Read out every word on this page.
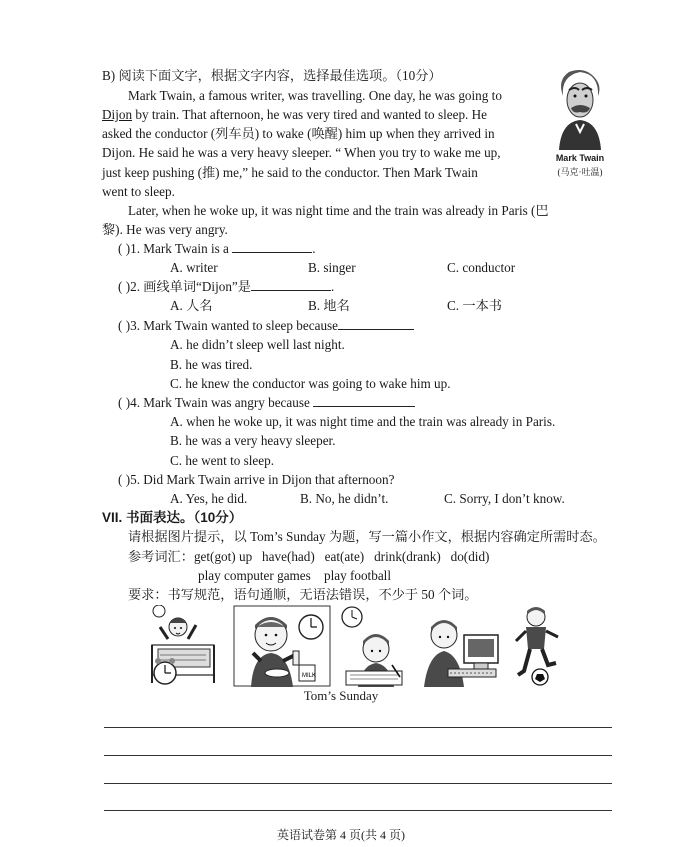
B) 阅读下面文字，根据文字内容，选择最佳选项。（10分）
Mark Twain, a famous writer, was travelling. One day, he was going to
Dijon by train. That afternoon, he was very tired and wanted to sleep. He
asked the conductor (列车员) to wake (唤醒) him up when they arrived in
Dijon. He said he was a very heavy sleeper. “ When you try to wake me up,
just keep pushing (推) me,” he said to the conductor. Then Mark Twain
went to sleep.
Mark Twain
(马克·吐温)
Later, when he woke up, it was night time and the train was already in Paris (巴
黎). He was very angry.
( )1. Mark Twain is a	.
A. writer	B. singer	C. conductor
( )2. 画线单词“Dijon”是	.
A. 人名	B. 地名	C. 一本书
( )3. Mark Twain wanted to sleep because
A. he didn’t sleep well last night.
B. he was tired.
C. he knew the conductor was going to wake him up.
( )4. Mark Twain was angry because
A. when he woke up, it was night time and the train was already in Paris.
B. he was a very heavy sleeper.
C. he went to sleep.
( )5. Did Mark Twain arrive in Dijon that afternoon?
A. Yes, he did.	B. No, he didn’t.	C. Sorry, I don’t know.
VII. 书面表达。（10分）
请根据图片提示，以 Tom’s Sunday 为题，写一篇小作文，根据内容确定所需时态。
参考词汇：get(got) up   have(had)   eat(ate)   drink(drank)   do(did)
play computer games    play football
要求：书写规范，语句通顺，无语法错误，不少于 50 个词。
MILK
Tom’s Sunday
英语试卷第 4 页(共 4 页)
